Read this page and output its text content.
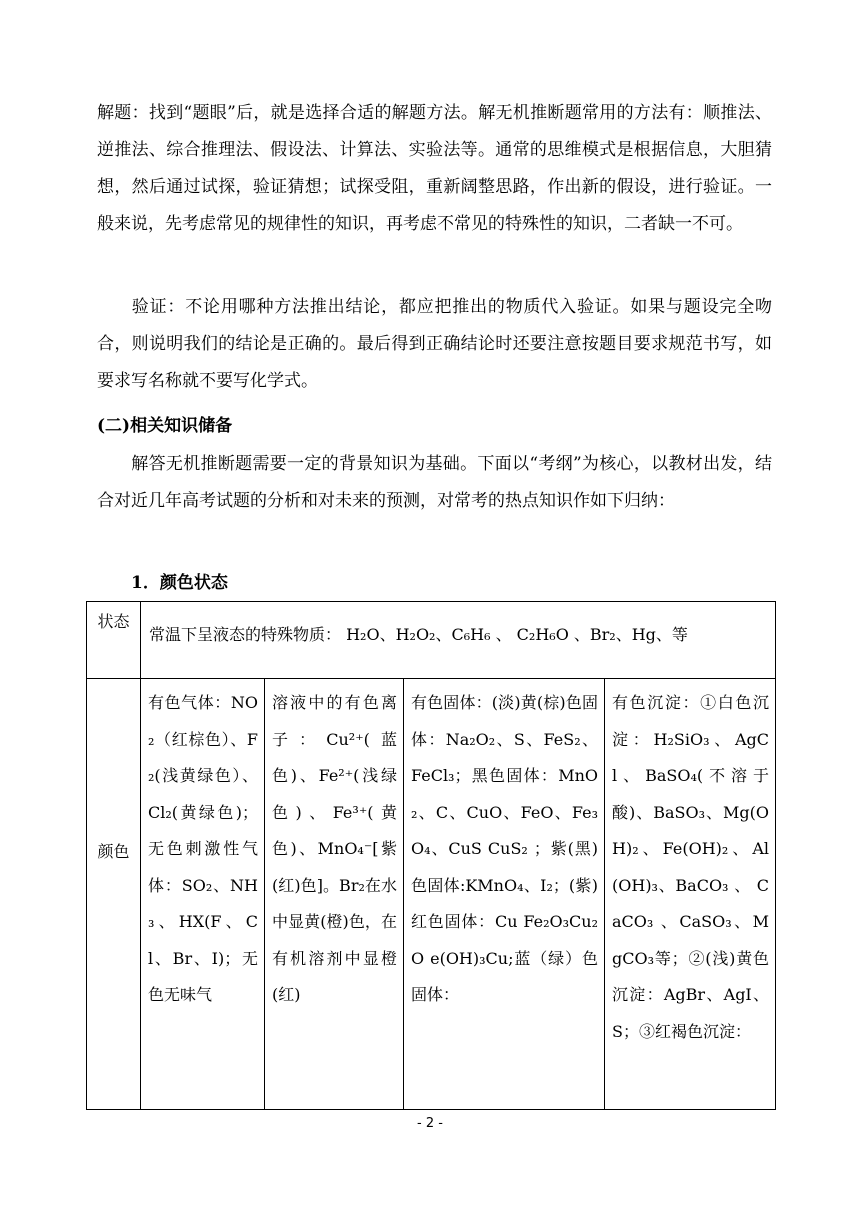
解题：找到“题眼”后，就是选择合适的解题方法。解无机推断题常用的方法有：顺推法、逆推法、综合推理法、假设法、计算法、实验法等。通常的思维模式是根据信息，大胆猜想，然后通过试探，验证猜想；试探受阻，重新阔整思路，作出新的假设，进行验证。一般来说，先考虑常见的规律性的知识，再考虑不常见的特殊性的知识，二者缺一不可。

验证：不论用哪种方法推出结论，都应把推出的物质代入验证。如果与题设完全吻合，则说明我们的结论是正确的。最后得到正确结论时还要注意按题目要求规范书写，如要求写名称就不要写化学式。

(二)相关知识储备

解答无机推断题需要一定的背景知识为基础。下面以“考纲”为核心，以教材出发，结合对近几年高考试题的分析和对未来的预测，对常考的热点知识作如下归纳：

1．颜色状态
状态	常温下呈液态的特殊物质： H₂O、H₂O₂、C₆H₆ 、 C₂H₆O 、Br₂、Hg、等			

颜色	有色气体：NO₂（红棕色）、F₂(浅黄绿色）、Cl₂(黄绿色)；无色刺激性气体：SO₂、NH₃、HX(F、Cl、Br、I)；无色无味气	溶液中的有色离子：Cu²⁺(蓝色)、Fe²⁺(浅绿色)、Fe³⁺(黄色)、MnO₄⁻[紫(红)色]。Br₂在水中显黄(橙)色，在有机溶剂中显橙(红)	有色固体：(淡)黄(棕)色固体：Na₂O₂、S、FeS₂、FeCl₃；黑色固体：MnO₂、C、CuO、FeO、Fe₃O₄、CuS CuS₂ ；紫(黑)色固体:KMnO₄、I₂；(紫)红色固体：Cu Fe₂O₃Cu₂O e(OH)₃Cu;蓝（绿）色固体：	有色沉淀：①白色沉淀：H₂SiO₃、AgCl、BaSO₄(不溶于酸)、BaSO₃、Mg(OH)₂、Fe(OH)₂、Al(OH)₃、BaCO₃ 、 CaCO₃ 、CaSO₃、MgCO₃等；②(浅)黄色沉淀：AgBr、AgI、S；③红褐色沉淀：
- 2 -
